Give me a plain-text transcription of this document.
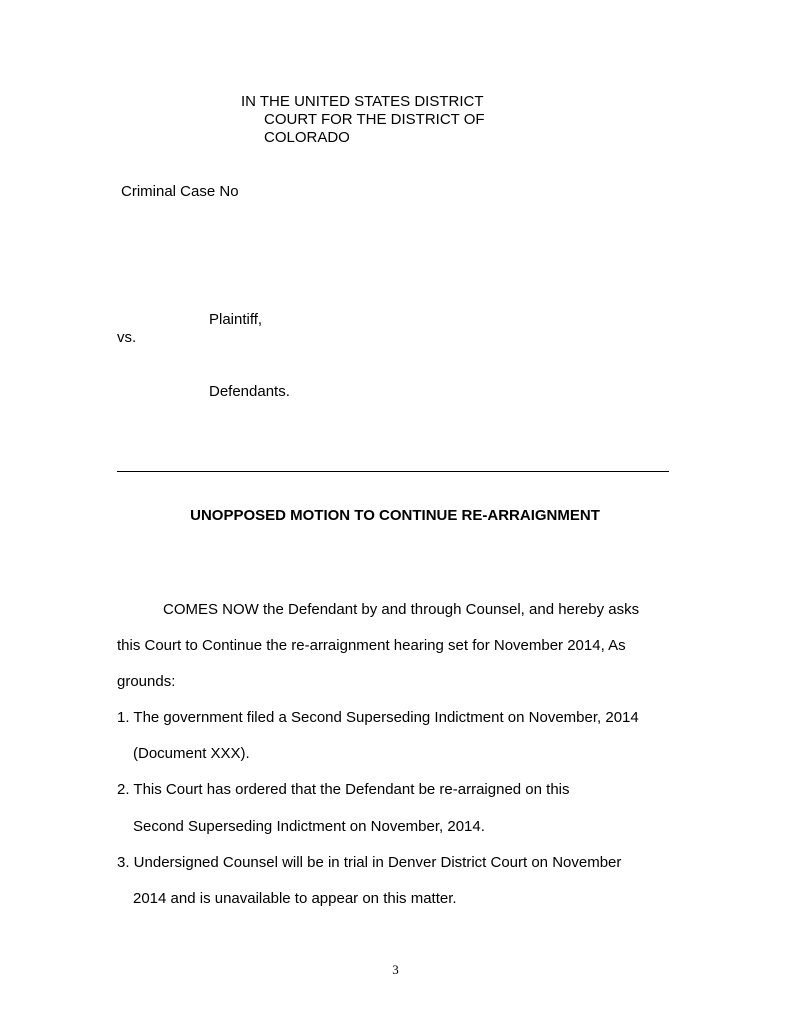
IN THE UNITED STATES DISTRICT
COURT FOR THE DISTRICT OF
COLORADO
Criminal Case No
Plaintiff,
vs.
Defendants.
UNOPPOSED MOTION TO CONTINUE RE-ARRAIGNMENT
COMES NOW the Defendant by and through Counsel, and hereby asks
this Court to Continue the re-arraignment hearing set for November 2014, As
grounds:
1. The government filed a Second Superseding Indictment on November, 2014
(Document XXX).
2. This Court has ordered that the Defendant be re-arraigned on this
Second Superseding Indictment on November, 2014.
3. Undersigned Counsel will be in trial in Denver District Court on November
2014 and is unavailable to appear on this matter.
3
